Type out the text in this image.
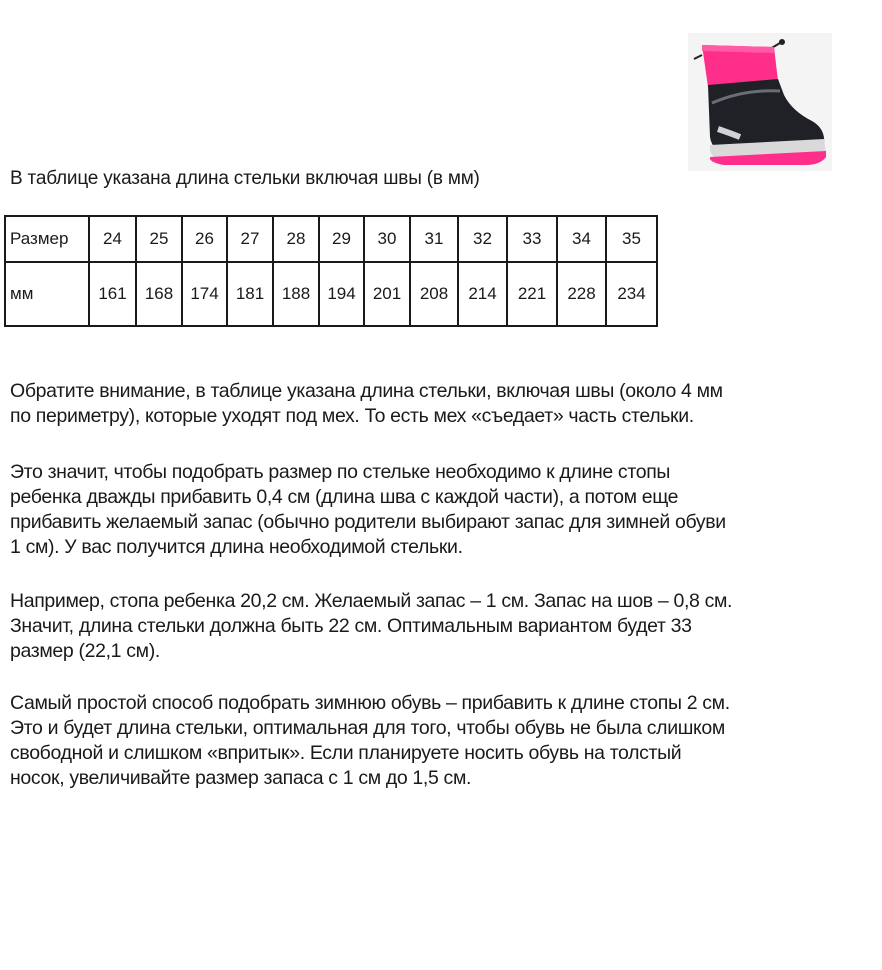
В таблице указана длина стельки включая швы (в мм)
Размер	24	25	26	27	28	29	30	31	32	33	34	35
мм	161	168	174	181	188	194	201	208	214	221	228	234
Обратите внимание, в таблице указана длина стельки, включая швы (около 4 мм
по периметру), которые уходят под мех. То есть мех «съедает» часть стельки.
Это значит, чтобы подобрать размер по стельке необходимо к длине стопы
ребенка дважды прибавить 0,4 см (длина шва с каждой части), а потом еще
прибавить желаемый запас (обычно родители выбирают запас для зимней обуви
1 см). У вас получится длина необходимой стельки.
Например, стопа ребенка 20,2 см. Желаемый запас – 1 см. Запас на шов – 0,8 см.
Значит, длина стельки должна быть 22 см. Оптимальным вариантом будет 33
размер (22,1 см).
Самый простой способ подобрать зимнюю обувь – прибавить к длине стопы 2 см.
Это и будет длина стельки, оптимальная для того, чтобы обувь не была слишком
свободной и слишком «впритык». Если планируете носить обувь на толстый
носок, увеличивайте размер запаса с 1 см до 1,5 см.
